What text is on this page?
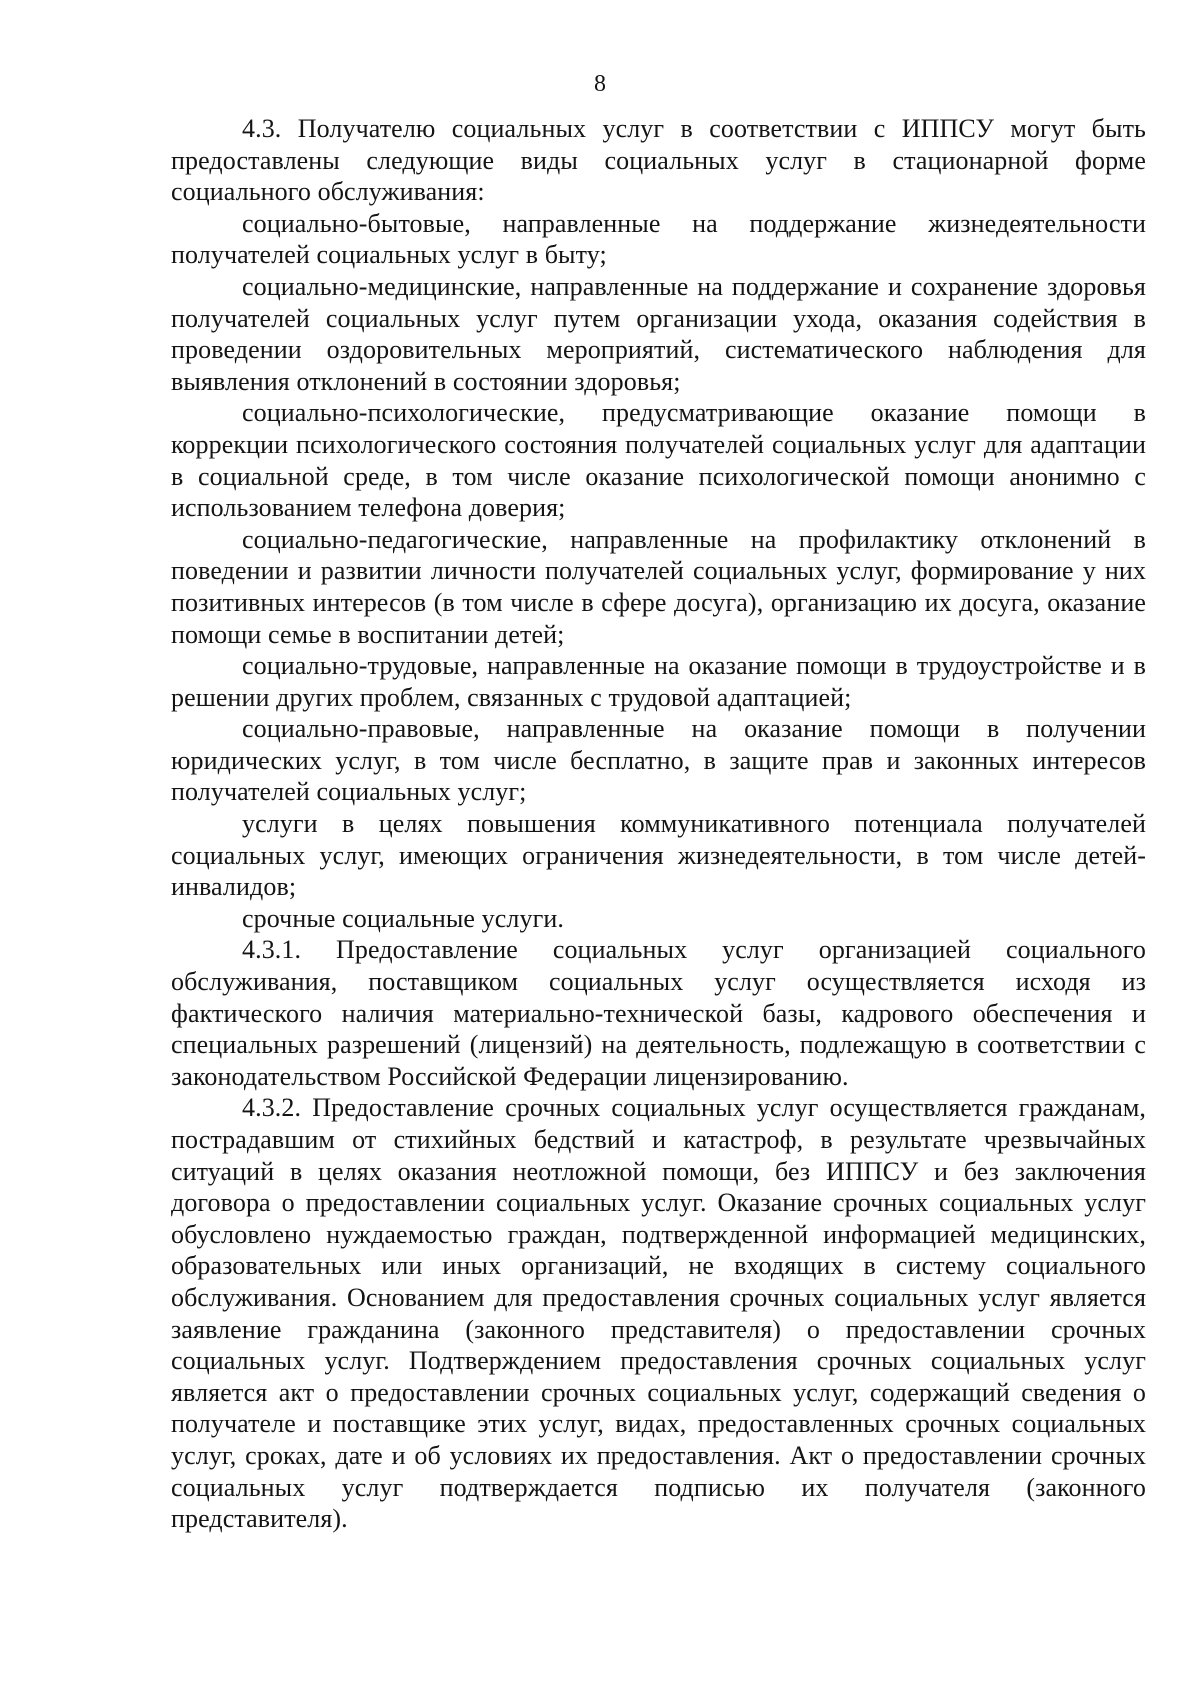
8

4.3. Получателю социальных услуг в соответствии с ИППСУ могут быть предоставлены следующие виды социальных услуг в стационарной форме социального обслуживания:

социально-бытовые, направленные на поддержание жизнедеятельности получателей социальных услуг в быту;

социально-медицинские, направленные на поддержание и сохранение здоровья получателей социальных услуг путем организации ухода, оказания содействия в проведении оздоровительных мероприятий, систематического наблюдения для выявления отклонений в состоянии здоровья;

социально-психологические, предусматривающие оказание помощи в коррекции психологического состояния получателей социальных услуг для адаптации в социальной среде, в том числе оказание психологической помощи анонимно с использованием телефона доверия;

социально-педагогические, направленные на профилактику отклонений в поведении и развитии личности получателей социальных услуг, формирование у них позитивных интересов (в том числе в сфере досуга), организацию их досуга, оказание помощи семье в воспитании детей;

социально-трудовые, направленные на оказание помощи в трудоустройстве и в решении других проблем, связанных с трудовой адаптацией;

социально-правовые, направленные на оказание помощи в получении юридических услуг, в том числе бесплатно, в защите прав и законных интересов получателей социальных услуг;

услуги в целях повышения коммуникативного потенциала получателей социальных услуг, имеющих ограничения жизнедеятельности, в том числе детей-инвалидов;

срочные социальные услуги.

4.3.1. Предоставление социальных услуг организацией социального обслуживания, поставщиком социальных услуг осуществляется исходя из фактического наличия материально-технической базы, кадрового обеспечения и специальных разрешений (лицензий) на деятельность, подлежащую в соответствии с законодательством Российской Федерации лицензированию.

4.3.2. Предоставление срочных социальных услуг осуществляется гражданам, пострадавшим от стихийных бедствий и катастроф, в результате чрезвычайных ситуаций в целях оказания неотложной помощи, без ИППСУ и без заключения договора о предоставлении социальных услуг. Оказание срочных социальных услуг обусловлено нуждаемостью граждан, подтвержденной информацией медицинских, образовательных или иных организаций, не входящих в систему социального обслуживания. Основанием для предоставления срочных социальных услуг является заявление гражданина (законного представителя) о предоставлении срочных социальных услуг. Подтверждением предоставления срочных социальных услуг является акт о предоставлении срочных социальных услуг, содержащий сведения о получателе и поставщике этих услуг, видах, предоставленных срочных социальных услуг, сроках, дате и об условиях их предоставления. Акт о предоставлении срочных социальных услуг подтверждается подписью их получателя (законного представителя).
